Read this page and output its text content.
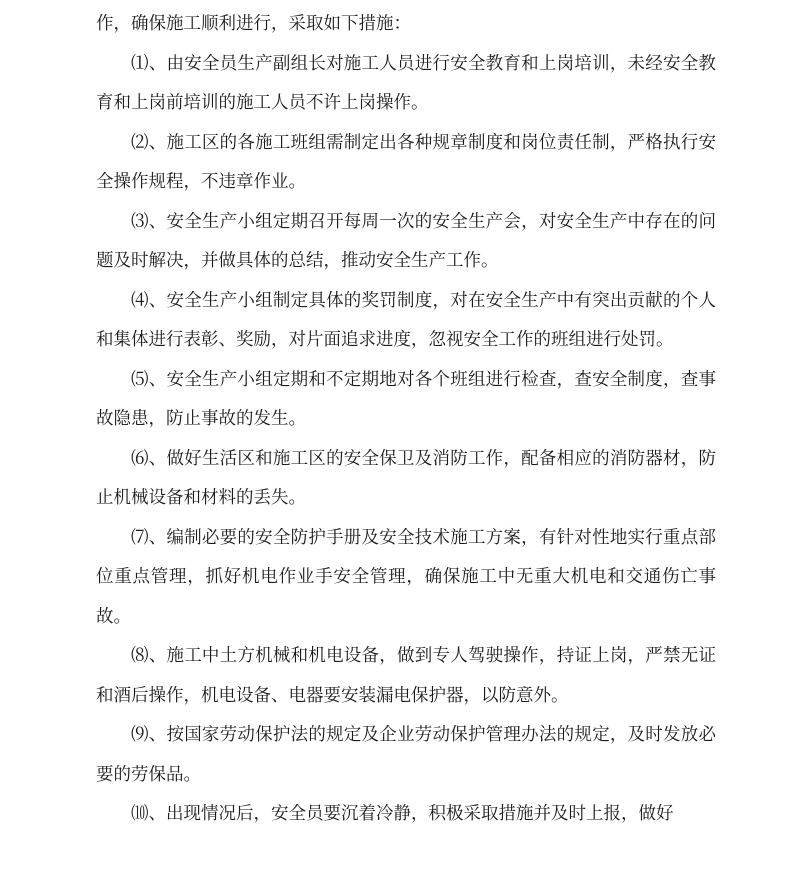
作，确保施工顺利进行，采取如下措施：

⑴、由安全员生产副组长对施工人员进行安全教育和上岗培训，未经安全教育和上岗前培训的施工人员不许上岗操作。

⑵、施工区的各施工班组需制定出各种规章制度和岗位责任制，严格执行安全操作规程，不违章作业。

⑶、安全生产小组定期召开每周一次的安全生产会，对安全生产中存在的问题及时解决，并做具体的总结，推动安全生产工作。

⑷、安全生产小组制定具体的奖罚制度，对在安全生产中有突出贡献的个人和集体进行表彰、奖励，对片面追求进度，忽视安全工作的班组进行处罚。

⑸、安全生产小组定期和不定期地对各个班组进行检查，查安全制度，查事故隐患，防止事故的发生。

⑹、做好生活区和施工区的安全保卫及消防工作，配备相应的消防器材，防止机械设备和材料的丢失。

⑺、编制必要的安全防护手册及安全技术施工方案，有针对性地实行重点部位重点管理，抓好机电作业手安全管理，确保施工中无重大机电和交通伤亡事故。

⑻、施工中土方机械和机电设备，做到专人驾驶操作，持证上岗，严禁无证和酒后操作，机电设备、电器要安装漏电保护器，以防意外。

⑼、按国家劳动保护法的规定及企业劳动保护管理办法的规定，及时发放必要的劳保品。

⑽、出现情况后，安全员要沉着冷静，积极采取措施并及时上报，做好
